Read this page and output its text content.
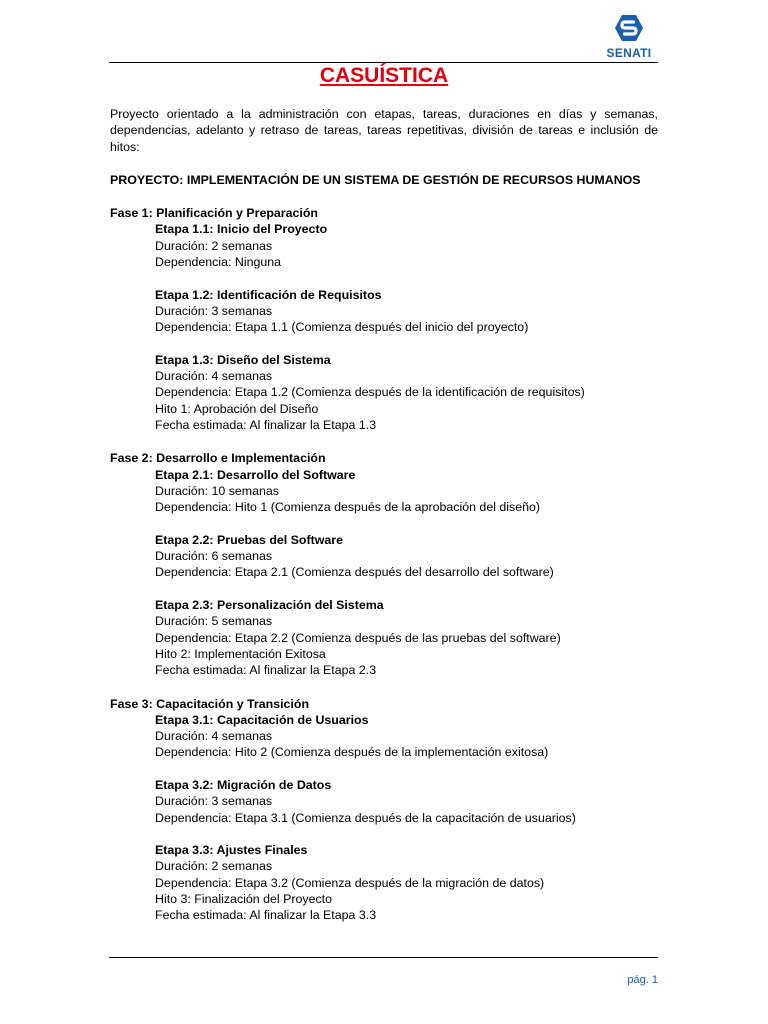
SENATI
CASUÍSTICA

Proyecto orientado a la administración con etapas, tareas, duraciones en días y semanas, dependencias, adelanto y retraso de tareas, tareas repetitivas, división de tareas e inclusión de hitos:

PROYECTO: IMPLEMENTACIÓN DE UN SISTEMA DE GESTIÓN DE RECURSOS HUMANOS
Fase 1: Planificación y Preparación
Etapa 1.1: Inicio del Proyecto
Duración: 2 semanas
Dependencia: Ninguna
Etapa 1.2: Identificación de Requisitos
Duración: 3 semanas
Dependencia: Etapa 1.1 (Comienza después del inicio del proyecto)
Etapa 1.3: Diseño del Sistema
Duración: 4 semanas
Dependencia: Etapa 1.2 (Comienza después de la identificación de requisitos)
Hito 1: Aprobación del Diseño
Fecha estimada: Al finalizar la Etapa 1.3
Fase 2: Desarrollo e Implementación
Etapa 2.1: Desarrollo del Software
Duración: 10 semanas
Dependencia: Hito 1 (Comienza después de la aprobación del diseño)
Etapa 2.2: Pruebas del Software
Duración: 6 semanas
Dependencia: Etapa 2.1 (Comienza después del desarrollo del software)
Etapa 2.3: Personalización del Sistema
Duración: 5 semanas
Dependencia: Etapa 2.2 (Comienza después de las pruebas del software)
Hito 2: Implementación Exitosa
Fecha estimada: Al finalizar la Etapa 2.3
Fase 3: Capacitación y Transición
Etapa 3.1: Capacitación de Usuarios
Duración: 4 semanas
Dependencia: Hito 2 (Comienza después de la implementación exitosa)
Etapa 3.2: Migración de Datos
Duración: 3 semanas
Dependencia: Etapa 3.1 (Comienza después de la capacitación de usuarios)
Etapa 3.3: Ajustes Finales
Duración: 2 semanas
Dependencia: Etapa 3.2 (Comienza después de la migración de datos)
Hito 3: Finalización del Proyecto
Fecha estimada: Al finalizar la Etapa 3.3
pág. 1
